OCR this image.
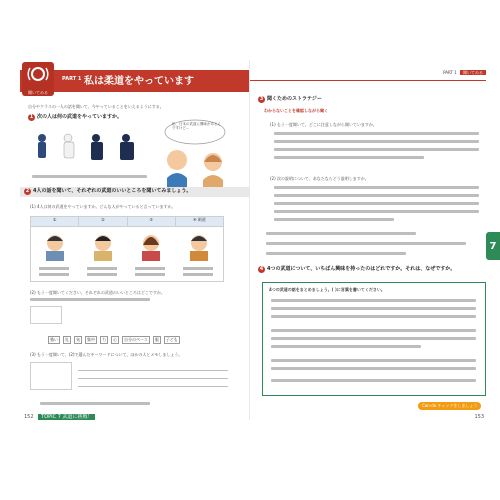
聞いてみる
PART 1 私は柔道をやっています
自分やクラスの一人の話を聞いて、今やっていることをいえるようにする。
1 次の人は何の武道をやっていますか。
私、日本の武道に興味があるんですけど…
2 4人の話を聞いて、それぞれの武道のいいところを聞いてみましょう。
(1) 4人は何の武道をやっていますか。どんな人がやっていると言っていますか。
①	②	③	④ 剣道
(2) もう一度聞いてください。それぞれの武道のいいところはどこですか。
強い	礼	気	集中	力	心	自分のペース	服	子ども
(3) もう一度聞いて、(2)で選んだキーワードについて、ほかの人とメモしましょう。
152 TOPIC 7 武道に挑戦！
PART 1 聞いてみる
3 聞くためのストラテジー
わからないことを確認しながら聞く
(1) もう一度聞いて、どこに注意しながら聞いていますか。
(2) 次の説明について、あなたならどう説明しますか。
4 4つの武道について、いちばん興味を持ったのはどれですか。それは、なぜですか。
4つの武道の話をまとめましょう。( )に言葉を書いてください。
Can-do チェックをしましょう
153
7
